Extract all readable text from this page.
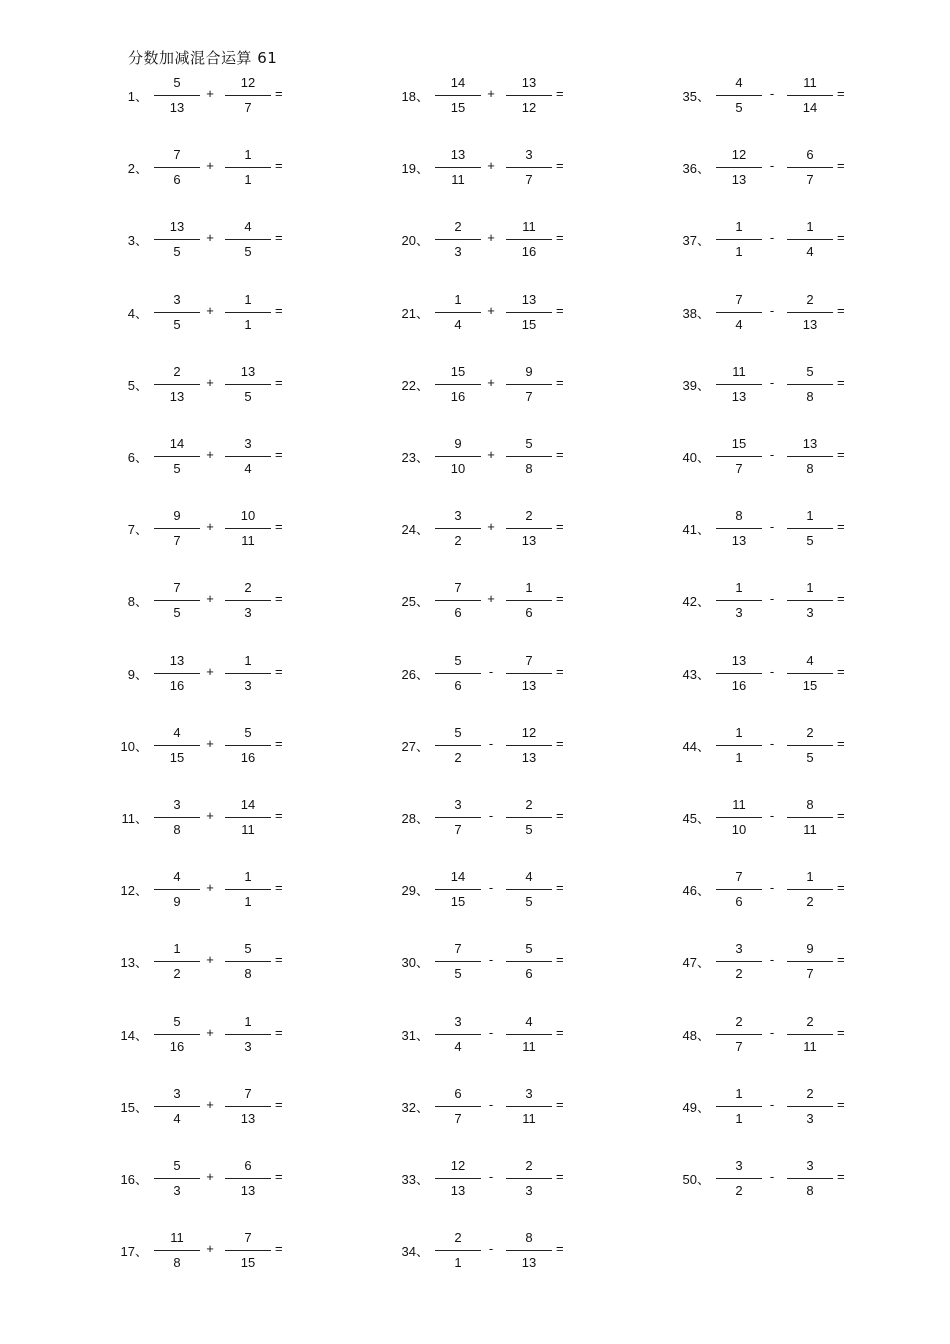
分数加减混合运算 61
1、
5
13
+
12
7
=
2、
7
6
+
1
1
=
3、
13
5
+
4
5
=
4、
3
5
+
1
1
=
5、
2
13
+
13
5
=
6、
14
5
+
3
4
=
7、
9
7
+
10
11
=
8、
7
5
+
2
3
=
9、
13
16
+
1
3
=
10、
4
15
+
5
16
=
11、
3
8
+
14
11
=
12、
4
9
+
1
1
=
13、
1
2
+
5
8
=
14、
5
16
+
1
3
=
15、
3
4
+
7
13
=
16、
5
3
+
6
13
=
17、
11
8
+
7
15
=
18、
14
15
+
13
12
=
19、
13
11
+
3
7
=
20、
2
3
+
11
16
=
21、
1
4
+
13
15
=
22、
15
16
+
9
7
=
23、
9
10
+
5
8
=
24、
3
2
+
2
13
=
25、
7
6
+
1
6
=
26、
5
6
-
7
13
=
27、
5
2
-
12
13
=
28、
3
7
-
2
5
=
29、
14
15
-
4
5
=
30、
7
5
-
5
6
=
31、
3
4
-
4
11
=
32、
6
7
-
3
11
=
33、
12
13
-
2
3
=
34、
2
1
-
8
13
=
35、
4
5
-
11
14
=
36、
12
13
-
6
7
=
37、
1
1
-
1
4
=
38、
7
4
-
2
13
=
39、
11
13
-
5
8
=
40、
15
7
-
13
8
=
41、
8
13
-
1
5
=
42、
1
3
-
1
3
=
43、
13
16
-
4
15
=
44、
1
1
-
2
5
=
45、
11
10
-
8
11
=
46、
7
6
-
1
2
=
47、
3
2
-
9
7
=
48、
2
7
-
2
11
=
49、
1
1
-
2
3
=
50、
3
2
-
3
8
=
